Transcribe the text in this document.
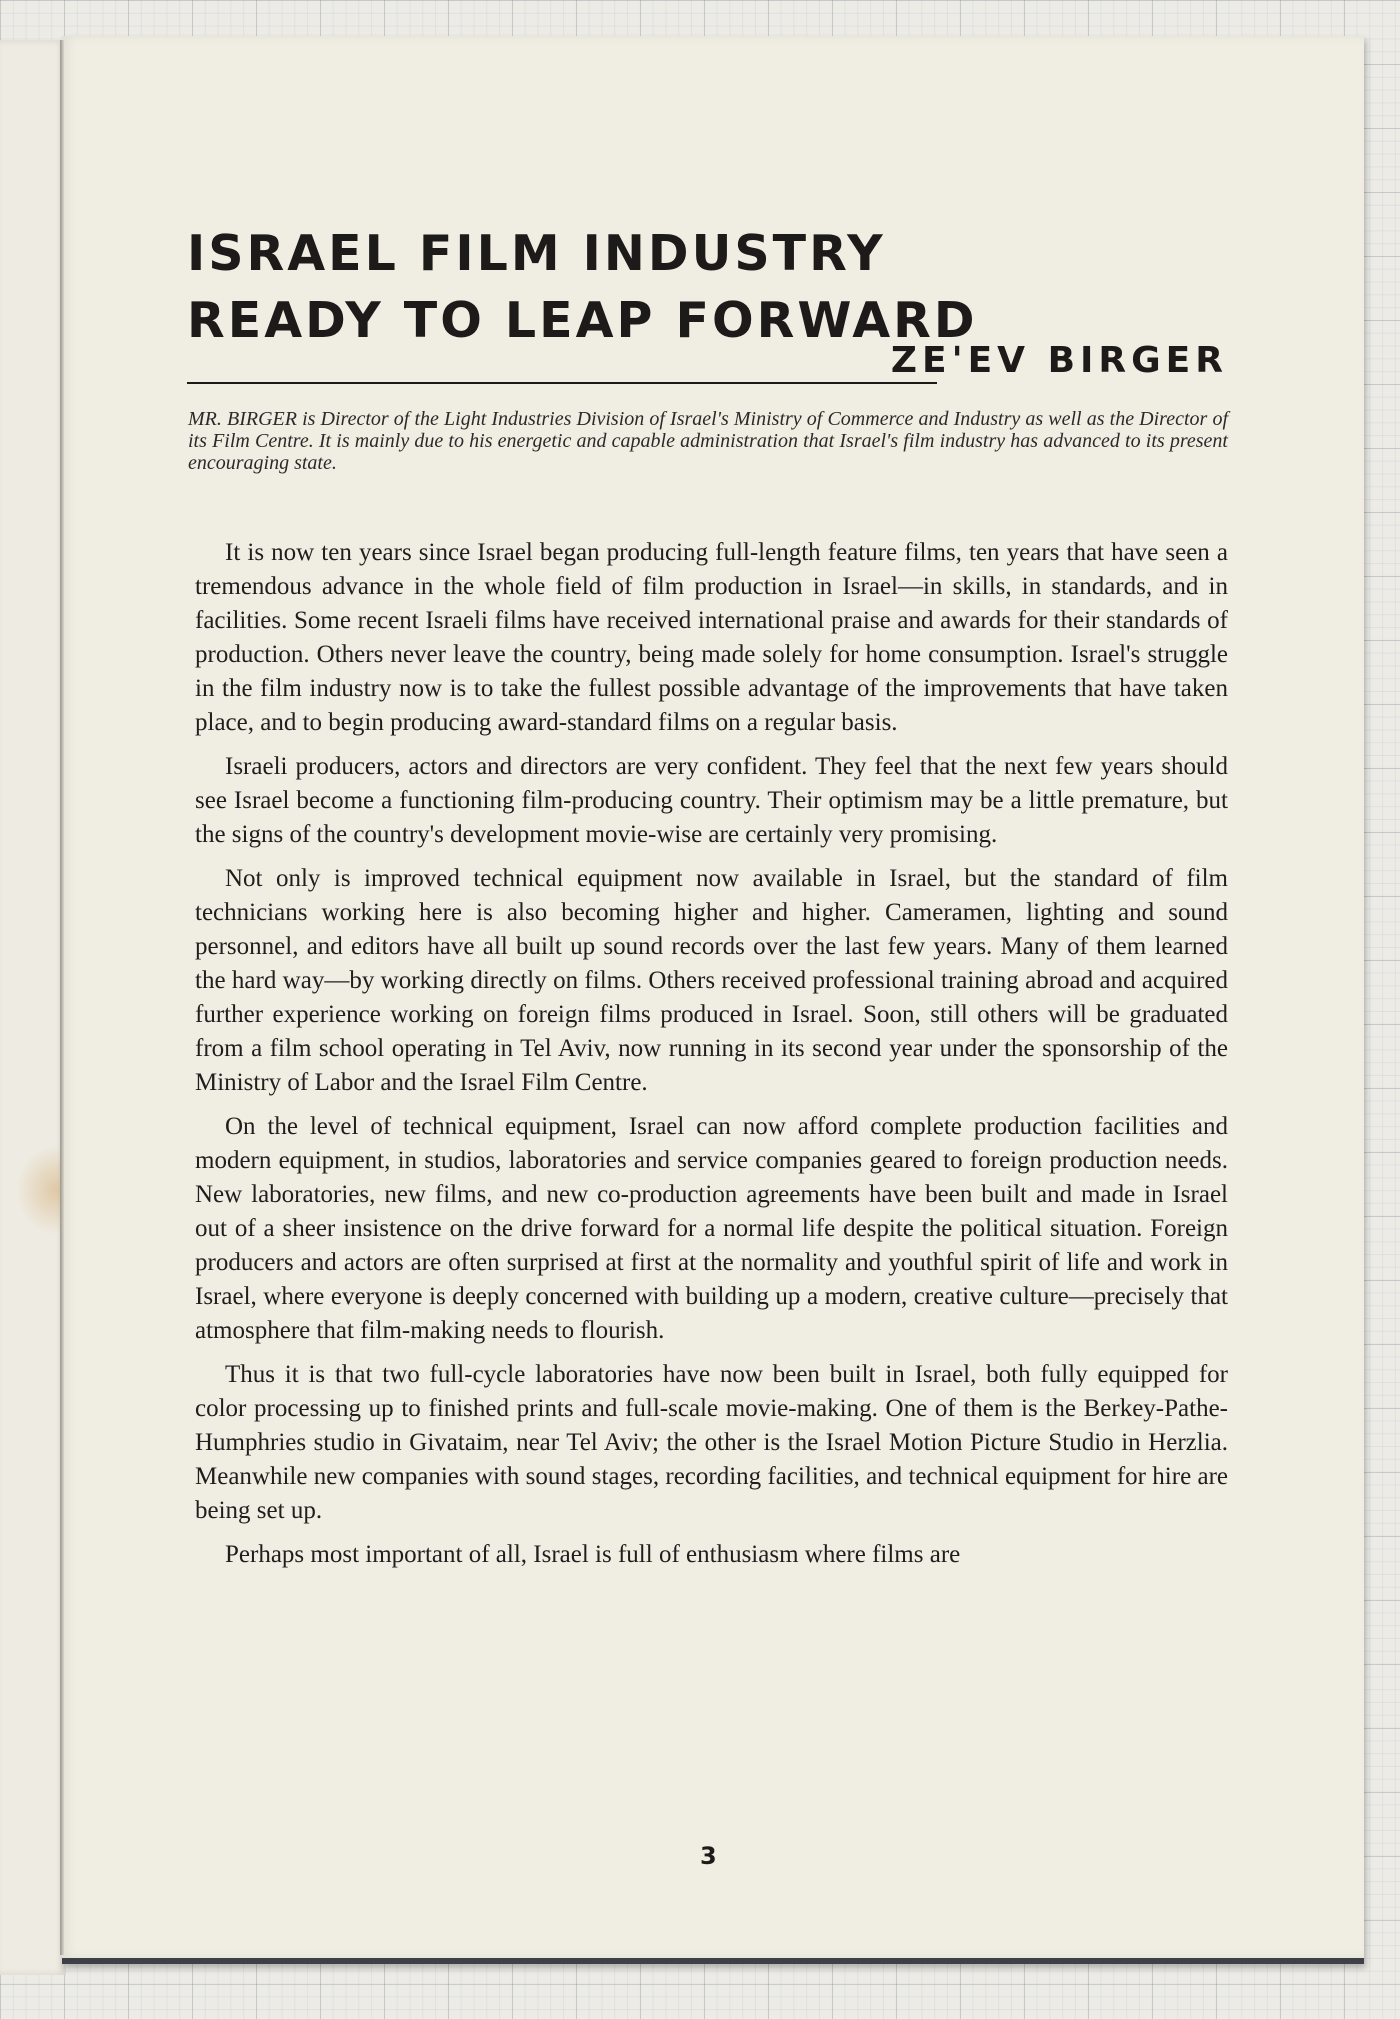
ISRAEL FILM INDUSTRY
READY TO LEAP FORWARD
ZE'EV BIRGER

MR. BIRGER is Director of the Light Industries Division of Israel's Ministry of Commerce and Industry as well as the Director of its Film Centre. It is mainly due to his energetic and capable administration that Israel's film industry has advanced to its present encouraging state.

It is now ten years since Israel began producing full-length feature films, ten years that have seen a tremendous advance in the whole field of film production in Israel—in skills, in standards, and in facilities. Some recent Israeli films have received international praise and awards for their standards of production. Others never leave the country, being made solely for home consumption. Israel's struggle in the film industry now is to take the fullest possible advantage of the improvements that have taken place, and to begin producing award-standard films on a regular basis.

Israeli producers, actors and directors are very confident. They feel that the next few years should see Israel become a functioning film-producing country. Their optimism may be a little premature, but the signs of the country's development movie-wise are certainly very promising.

Not only is improved technical equipment now available in Israel, but the standard of film technicians working here is also becoming higher and higher. Cameramen, lighting and sound personnel, and editors have all built up sound records over the last few years. Many of them learned the hard way—by working directly on films. Others received professional training abroad and acquired further experience working on foreign films produced in Israel. Soon, still others will be graduated from a film school operating in Tel Aviv, now running in its second year under the sponsorship of the Ministry of Labor and the Israel Film Centre.

On the level of technical equipment, Israel can now afford complete production facilities and modern equipment, in studios, laboratories and service companies geared to foreign production needs. New laboratories, new films, and new co-production agreements have been built and made in Israel out of a sheer insistence on the drive forward for a normal life despite the political situation. Foreign producers and actors are often surprised at first at the normality and youthful spirit of life and work in Israel, where everyone is deeply concerned with building up a modern, creative culture—precisely that atmosphere that film-making needs to flourish.

Thus it is that two full-cycle laboratories have now been built in Israel, both fully equipped for color processing up to finished prints and full-scale movie-making. One of them is the Berkey-Pathe-Humphries studio in Givataim, near Tel Aviv; the other is the Israel Motion Picture Studio in Herzlia. Meanwhile new companies with sound stages, recording facilities, and technical equipment for hire are being set up.

Perhaps most important of all, Israel is full of enthusiasm where films are

3
